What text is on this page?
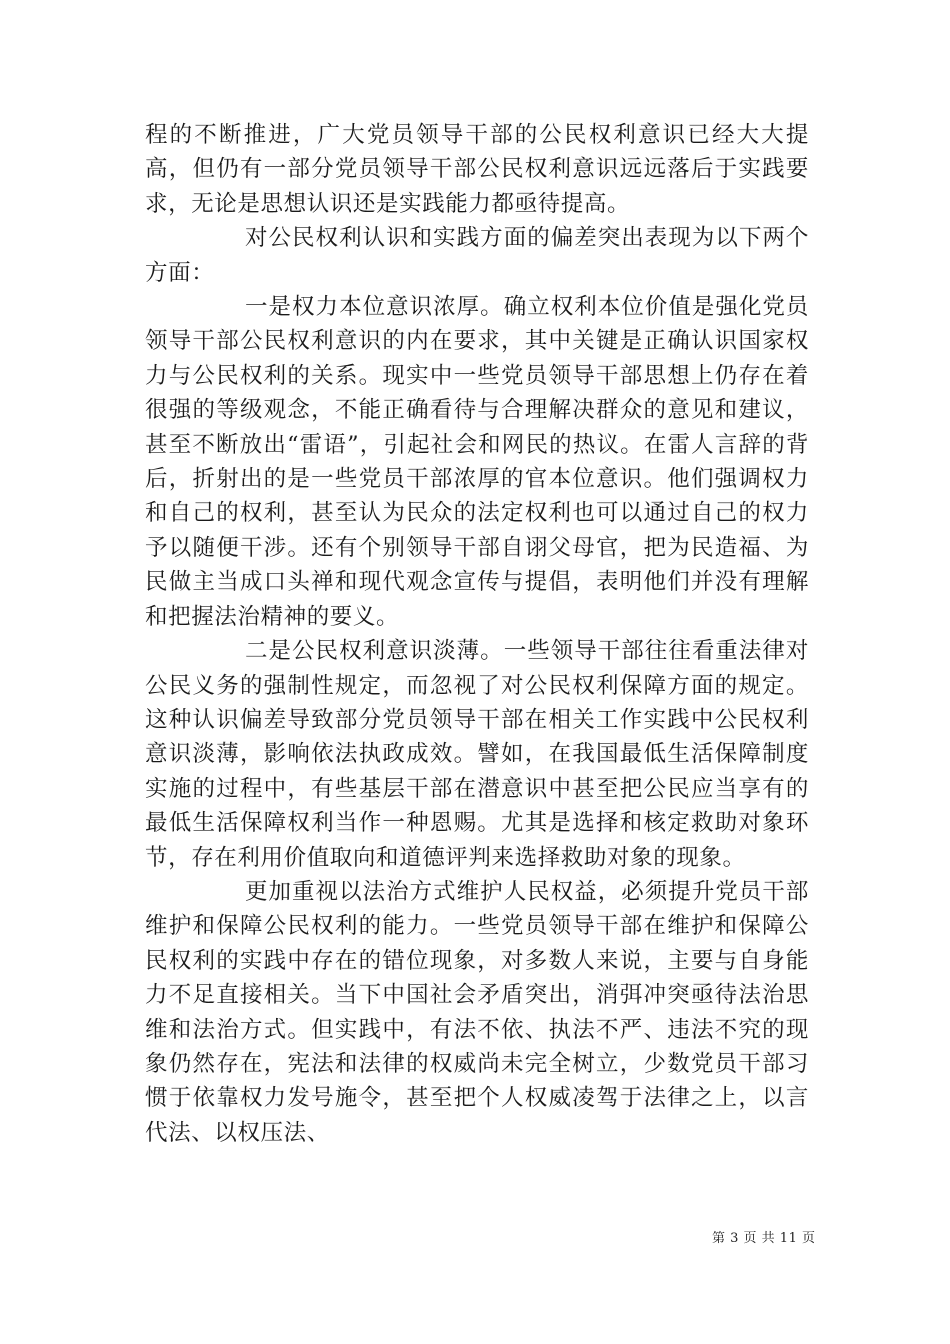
程的不断推进，广大党员领导干部的公民权利意识已经大大提高，但仍有一部分党员领导干部公民权利意识远远落后于实践要求，无论是思想认识还是实践能力都亟待提高。

对公民权利认识和实践方面的偏差突出表现为以下两个方面：

一是权力本位意识浓厚。确立权利本位价值是强化党员领导干部公民权利意识的内在要求，其中关键是正确认识国家权力与公民权利的关系。现实中一些党员领导干部思想上仍存在着很强的等级观念，不能正确看待与合理解决群众的意见和建议，甚至不断放出“雷语”，引起社会和网民的热议。在雷人言辞的背后，折射出的是一些党员干部浓厚的官本位意识。他们强调权力和自己的权利，甚至认为民众的法定权利也可以通过自己的权力予以随便干涉。还有个别领导干部自诩父母官，把为民造福、为民做主当成口头禅和现代观念宣传与提倡，表明他们并没有理解和把握法治精神的要义。

二是公民权利意识淡薄。一些领导干部往往看重法律对公民义务的强制性规定，而忽视了对公民权利保障方面的规定。这种认识偏差导致部分党员领导干部在相关工作实践中公民权利意识淡薄，影响依法执政成效。譬如，在我国最低生活保障制度实施的过程中，有些基层干部在潜意识中甚至把公民应当享有的最低生活保障权利当作一种恩赐。尤其是选择和核定救助对象环节，存在利用价值取向和道德评判来选择救助对象的现象。

更加重视以法治方式维护人民权益，必须提升党员干部维护和保障公民权利的能力。一些党员领导干部在维护和保障公民权利的实践中存在的错位现象，对多数人来说，主要与自身能力不足直接相关。当下中国社会矛盾突出，消弭冲突亟待法治思维和法治方式。但实践中，有法不依、执法不严、违法不究的现象仍然存在，宪法和法律的权威尚未完全树立，少数党员干部习惯于依靠权力发号施令，甚至把个人权威凌驾于法律之上，以言代法、以权压法、

第 3 页 共 11 页
